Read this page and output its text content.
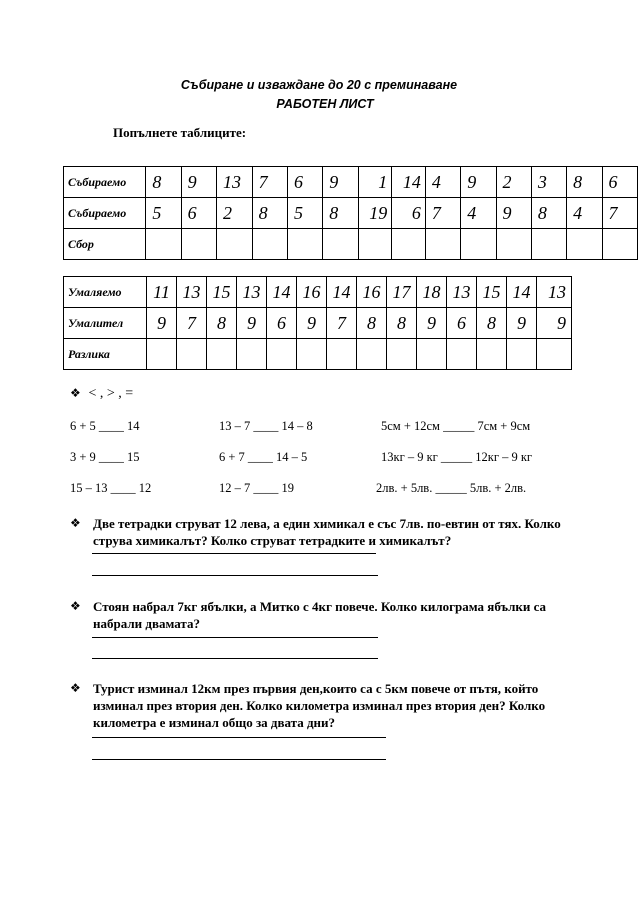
Събиране и изваждане до 20 с преминаване
РАБОТЕН ЛИСТ
Попълнете таблиците:
Събираемо	8	9	13	7	6	9	1	14	4	9	2	3	8	6
Събираемо	5	6	2	8	5	8	19	6	7	4	9	8	4	7
Сбор														
Умаляемо	11	13	15	13	14	16	14	16	17	18	13	15	14	13
Умалител	9	7	8	9	6	9	7	8	8	9	6	8	9	9
Разлика														
❖ < , > , =
6 + 5 ____ 14	13 – 7 ____ 14 – 8	5см + 12см _____ 7см + 9см
3 + 9 ____ 15	6 + 7 ____ 14 – 5	13кг – 9 кг _____ 12кг – 9 кг
15 – 13 ____ 12	12 – 7 ____ 19	2лв. + 5лв. _____ 5лв. + 2лв.
❖ Две тетрадки струват 12 лева, а един химикал е със 7лв. по-евтин от тях. Колко струва химикалът? Колко струват тетрадките и химикалът?
❖ Стоян набрал 7кг ябълки, а Митко с 4кг повече. Колко килограма ябълки са набрали двамата?
❖ Турист изминал 12км през първия ден,които са с 5км повече от пътя, който изминал през втория ден. Колко километра изминал през втория ден? Колко километра е изминал общо за двата дни?
